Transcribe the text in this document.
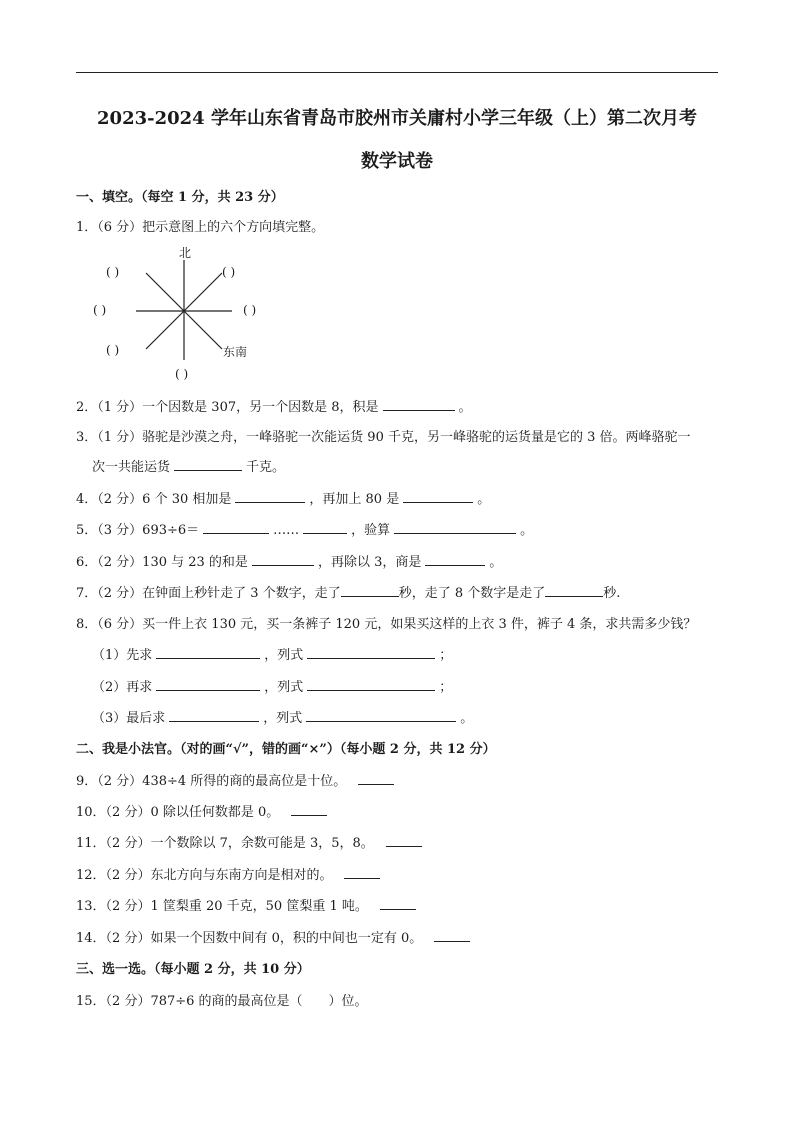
2023-2024 学年山东省青岛市胶州市关庸村小学三年级（上）第二次月考
数学试卷
一、填空。（每空 1 分，共 23 分）
1．（6 分）把示意图上的六个方向填完整。
北
( )	( )
( )	( )
( )	东南
( )
2．（1 分）一个因数是 307，另一个因数是 8，积是	。
3．（1 分）骆驼是沙漠之舟，一峰骆驼一次能运货 90 千克，另一峰骆驼的运货量是它的 3 倍。两峰骆驼一
次一共能运货	千克。
4．（2 分）6 个 30 相加是	，再加上 80 是	。
5．（3 分）693÷6＝	……	，验算	。
6．（2 分）130 与 23 的和是	，再除以 3，商是	。
7．（2 分）在钟面上秒针走了 3 个数字，走了	秒，走了 8 个数字是走了	秒.
8．（6 分）买一件上衣 130 元，买一条裤子 120 元，如果买这样的上衣 3 件，裤子 4 条，求共需多少钱？
（1）先求	，列式	；
（2）再求	，列式	；
（3）最后求	，列式	。
二、我是小法官。（对的画“√”，错的画“×”）（每小题 2 分，共 12 分）
9．（2 分）438÷4 所得的商的最高位是十位。
10．（2 分）0 除以任何数都是 0。
11．（2 分）一个数除以 7，余数可能是 3，5，8。
12．（2 分）东北方向与东南方向是相对的。
13．（2 分）1 筐梨重 20 千克，50 筐梨重 1 吨。
14．（2 分）如果一个因数中间有 0，积的中间也一定有 0。
三、选一选。（每小题 2 分，共 10 分）
15．（2 分）787÷6 的商的最高位是（　　）位。
